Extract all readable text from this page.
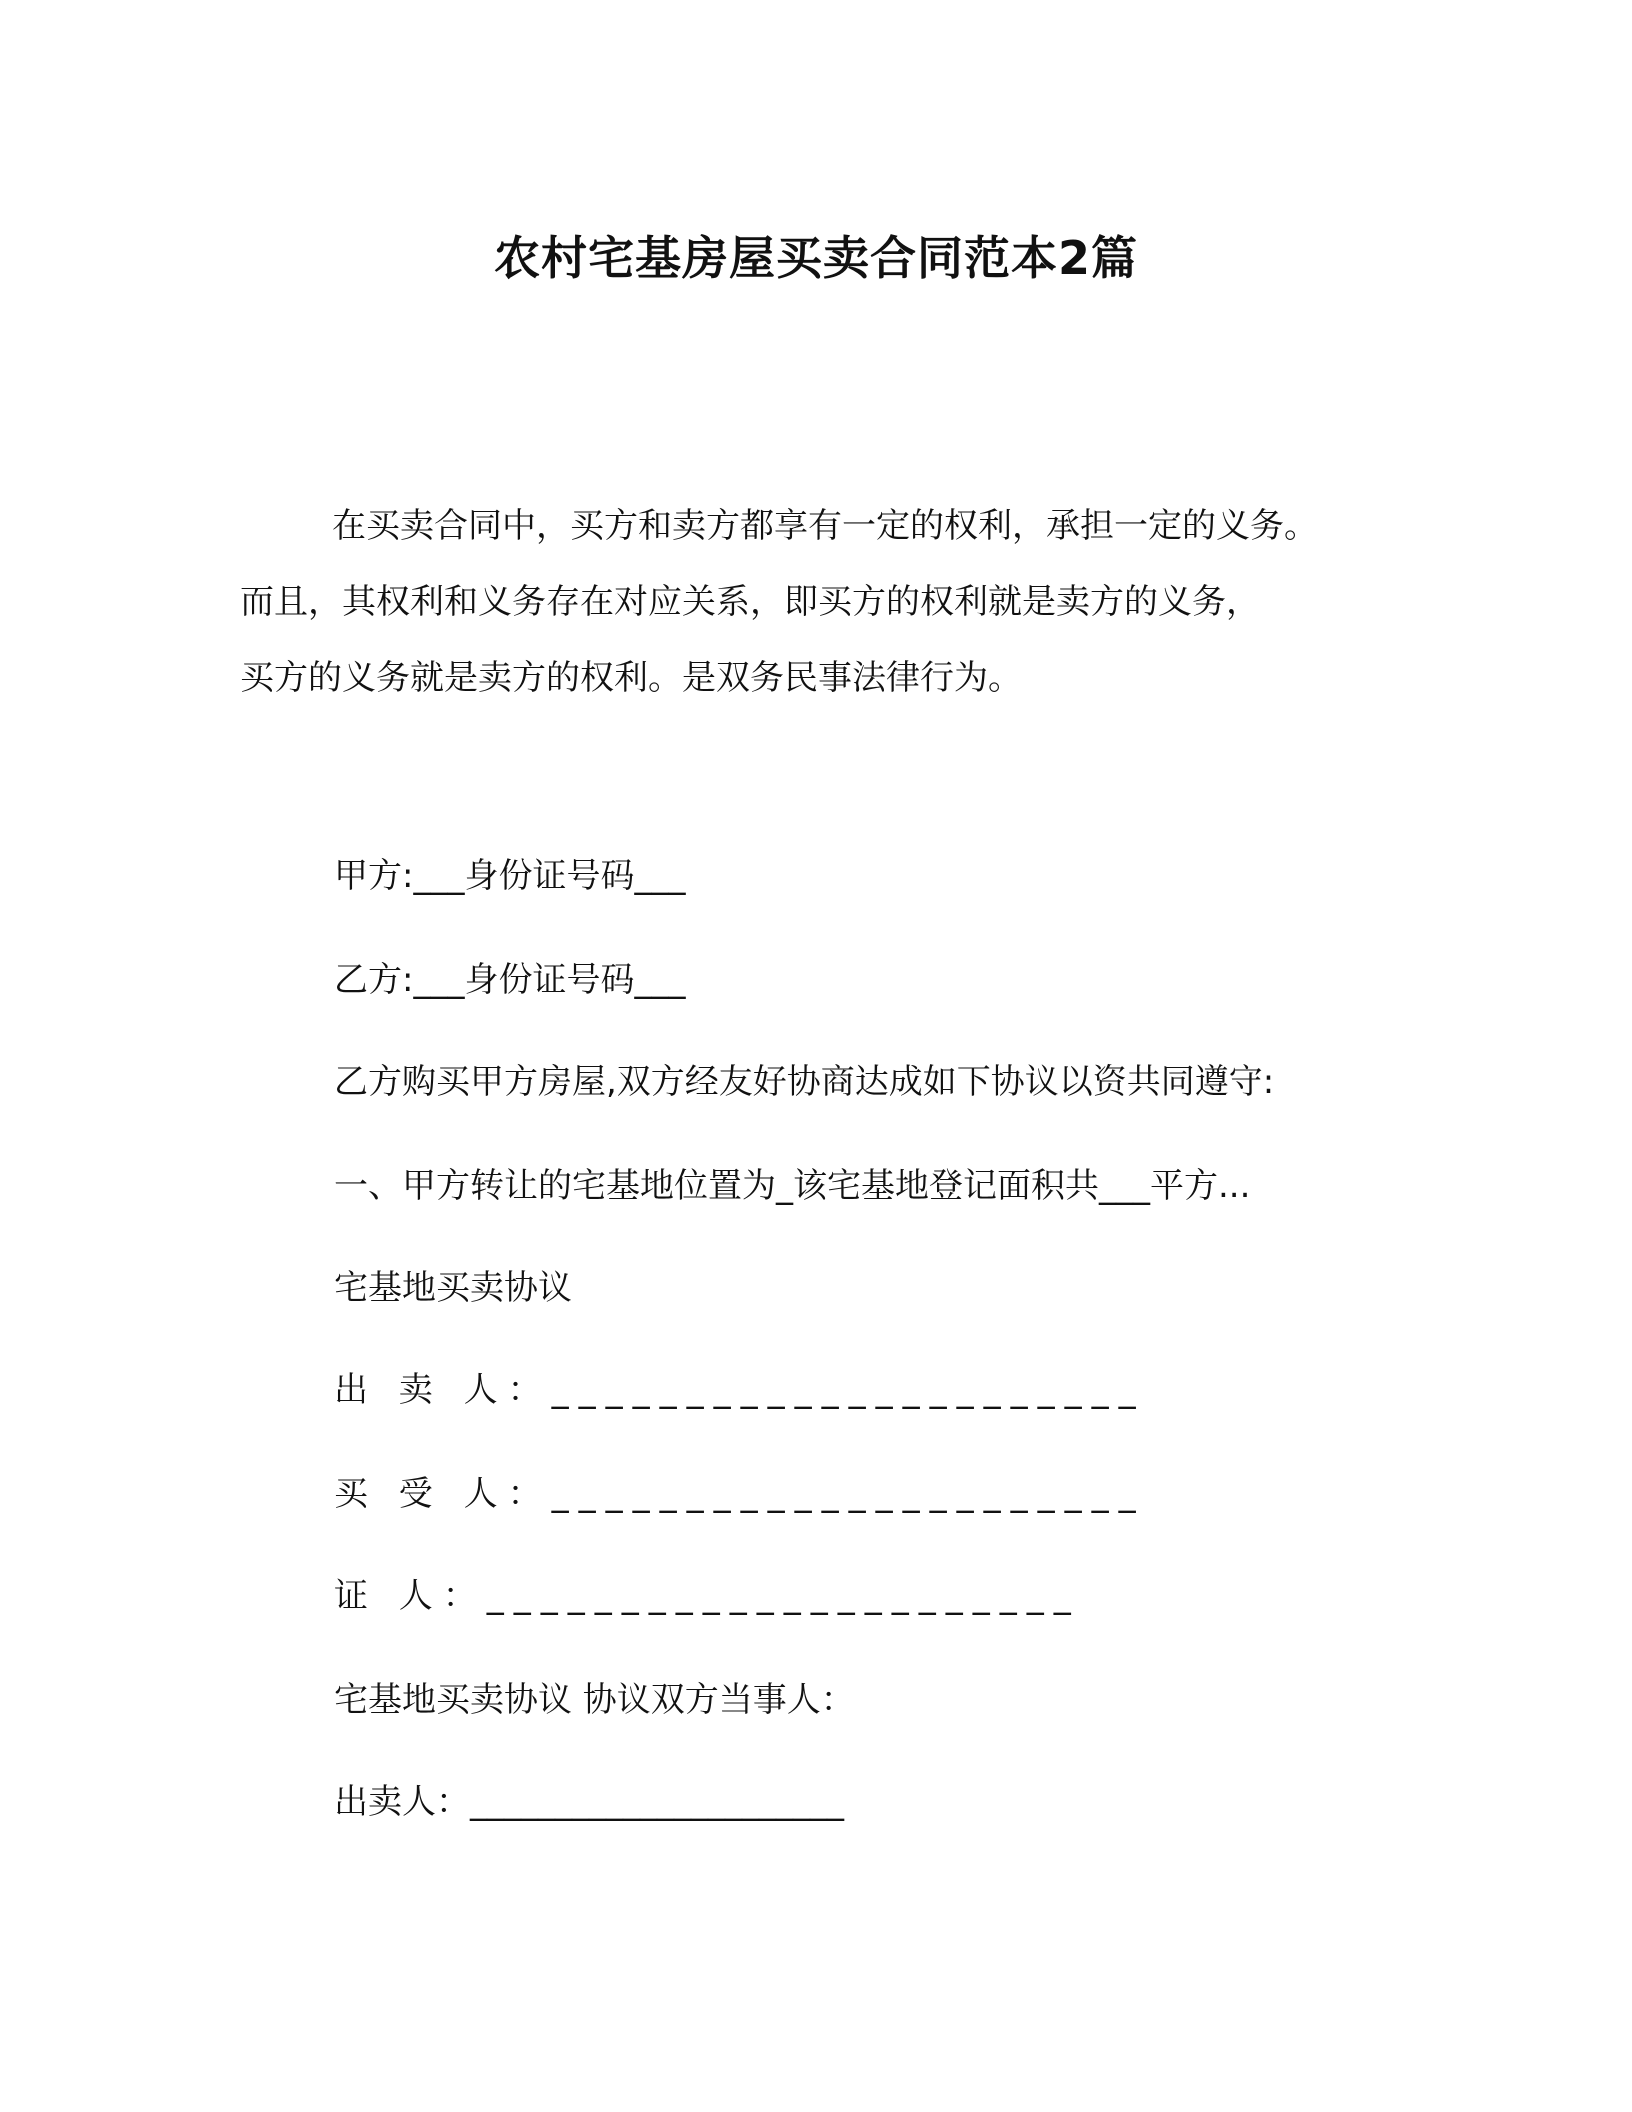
农村宅基房屋买卖合同范本2篇

在买卖合同中，买方和卖方都享有一定的权利，承担一定的义务。

而且，其权利和义务存在对应关系，即买方的权利就是卖方的义务，

买方的义务就是卖方的权利。是双务民事法律行为。

甲方:___身份证号码___
乙方:___身份证号码___
乙方购买甲方房屋,双方经友好协商达成如下协议以资共同遵守:
一、甲方转让的宅基地位置为_该宅基地登记面积共___平方...
宅基地买卖协议
出 卖 人：______________________
买 受 人：______________________
证 人：______________________
宅基地买卖协议 协议双方当事人：
出卖人：______________________
